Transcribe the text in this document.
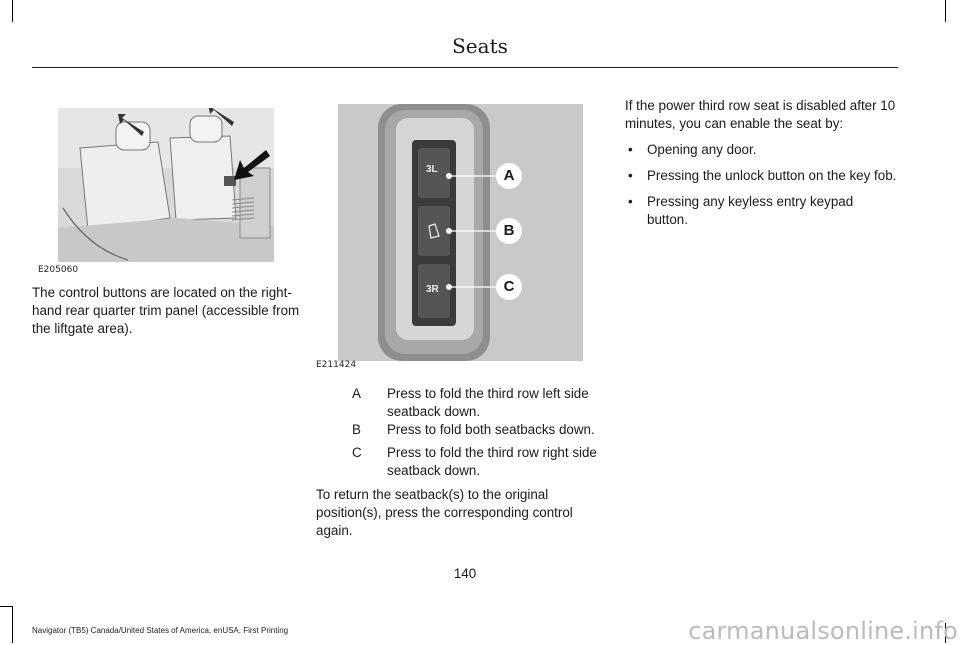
Seats
E205060

The control buttons are located on the right-hand rear quarter trim panel (accessible from the liftgate area).

3L
3R
A
B
C
E211424
A Press to fold the third row left side seatback down.
B Press to fold both seatbacks down.
C Press to fold the third row right side seatback down.

To return the seatback(s) to the original position(s), press the corresponding control again.

If the power third row seat is disabled after 10 minutes, you can enable the seat by:

• Opening any door.
• Pressing the unlock button on the key fob.
• Pressing any keyless entry keypad button.
140
Navigator (TB5) Canada/United States of America, enUSA, First Printing	carmanualsonline.info
